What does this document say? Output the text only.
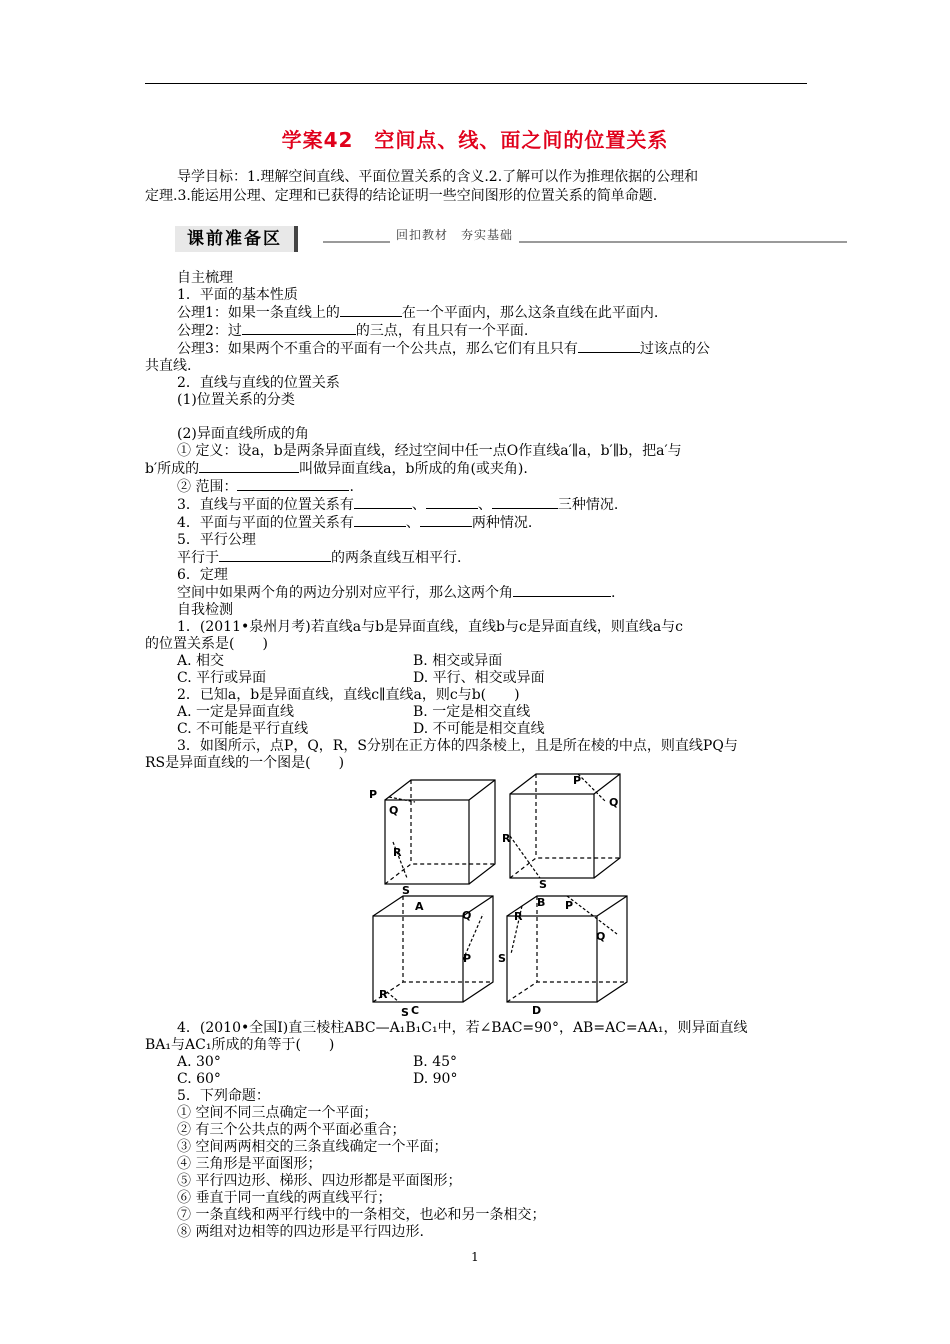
学案42　空间点、线、面之间的位置关系

导学目标：1.理解空间直线、平面位置关系的含义.2.了解可以作为推理依据的公理和

定理.3.能运用公理、定理和已获得的结论证明一些空间图形的位置关系的简单命题.

课前准备区	回扣教材　夯实基础

自主梳理

1．平面的基本性质

公理1：如果一条直线上的	在一个平面内，那么这条直线在此平面内.

公理2：过	的三点，有且只有一个平面.

公理3：如果两个不重合的平面有一个公共点，那么它们有且只有	过该点的公

共直线.

2．直线与直线的位置关系

(1)位置关系的分类

(2)异面直线所成的角

① 定义：设a，b是两条异面直线，经过空间中任一点O作直线a′∥a，b′∥b，把a′与

b′所成的	叫做异面直线a，b所成的角(或夹角).

② 范围：	.

3．直线与平面的位置关系有	、	、	三种情况.

4．平面与平面的位置关系有	、	两种情况.

5．平行公理

平行于	的两条直线互相平行.

6．定理

空间中如果两个角的两边分别对应平行，那么这两个角	.

自我检测

1．(2011•泉州月考)若直线a与b是异面直线，直线b与c是异面直线，则直线a与c

的位置关系是(　　)

A. 相交	B. 相交或异面
C. 平行或异面	D. 平行、相交或异面

2．已知a，b是异面直线，直线c∥直线a，则c与b(　　)

A. 一定是异面直线	B. 一定是相交直线
C. 不可能是平行直线	D. 不可能是相交直线

3．如图所示，点P，Q，R，S分别在正方体的四条棱上，且是所在棱的中点，则直线PQ与

RS是异面直线的一个图是(　　)

P
Q
R
S
A
P
Q
R
S
B
P
Q
R
S C
P
Q
R
S
D

4．(2010•全国Ⅰ)直三棱柱ABC—A₁B₁C₁中，若∠BAC=90°，AB=AC=AA₁，则异面直线

BA₁与AC₁所成的角等于(　　)

A. 30°	B. 45°
C. 60°	D. 90°

5．下列命题：

① 空间不同三点确定一个平面；

② 有三个公共点的两个平面必重合；

③ 空间两两相交的三条直线确定一个平面；

④ 三角形是平面图形；

⑤ 平行四边形、梯形、四边形都是平面图形；

⑥ 垂直于同一直线的两直线平行；

⑦ 一条直线和两平行线中的一条相交，也必和另一条相交；

⑧ 两组对边相等的四边形是平行四边形.

1
